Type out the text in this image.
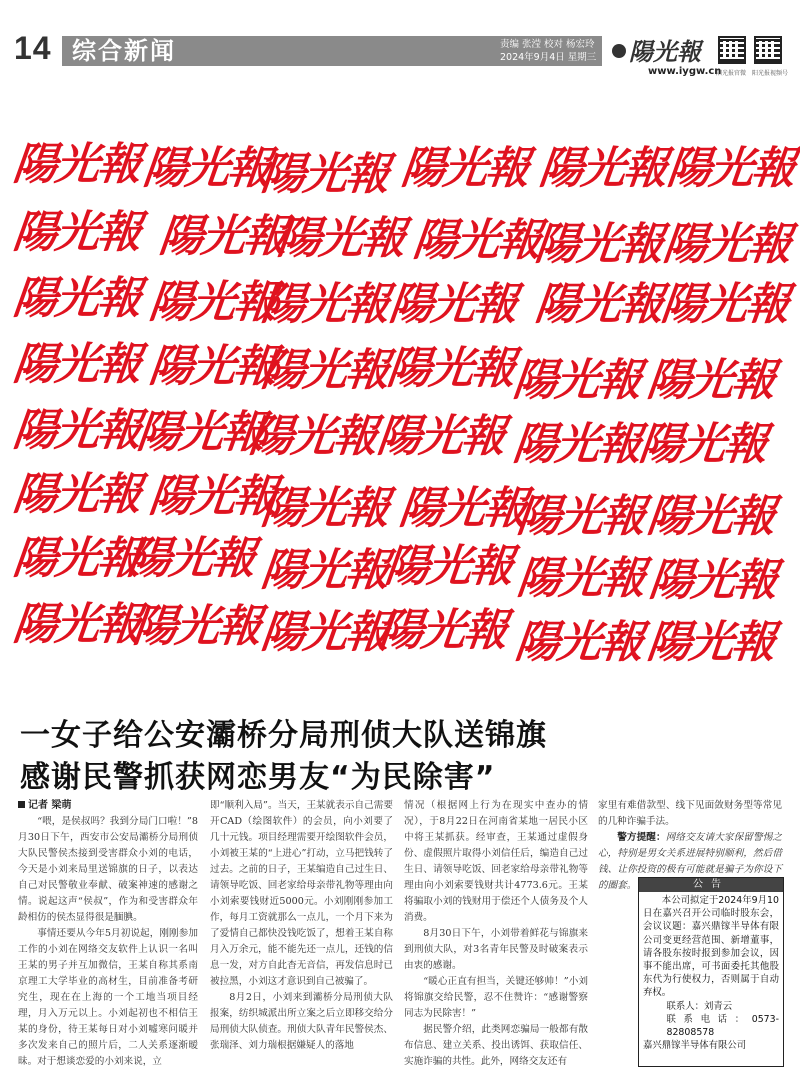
14 综合新闻	责编 张滢 校对 杨宏玲
2024年9月4日 星期三	陽光報
www.iygw.cn
阳光报官微 阳光报视频号
陽光報
陽光報
陽光報 陽光報 陽光報
陽光報
陽光報 陽光報
陽光報 陽光報
陽光報
陽光報
陽光報 陽光報
陽光報
陽光報 陽光報
陽光報
陽光報 陽光報
陽光報
陽光報
陽光報 陽光報
陽光報
陽光報
陽光報
陽光報 陽光報
陽光報
陽光報 陽光報
陽光報 陽光報
陽光報
陽光報
陽光報
陽光報 陽光報
陽光報 陽光報 陽光報
陽光報
陽光報
陽光報
陽光報 陽光報 陽光報
一女子给公安灞桥分局刑侦大队送锦旗
感谢民警抓获网恋男友“为民除害”
记者 梁萌

“喂，是侯叔吗？我到分局门口啦！”8月30日下午，西安市公安局灞桥分局刑侦大队民警侯杰接到受害群众小刘的电话，今天是小刘来局里送锦旗的日子，以表达自己对民警敬业奉献、破案神速的感谢之情。说起这声“侯叔”，作为和受害群众年龄相仿的侯杰显得很是腼腆。

事情还要从今年5月初说起，刚刚参加工作的小刘在网络交友软件上认识一名叫王某的男子并互加微信，王某自称其系南京理工大学毕业的高材生，目前准备考研究生，现在在上海的一个工地当项目经理，月入万元以上。小刘起初也不相信王某的身份，待王某每日对小刘嘘寒问暖并多次发来自己的照片后，二人关系逐渐暧昧。对于想谈恋爱的小刘来说，立

即“顺利入局”。当天，王某就表示自己需要开CAD（绘图软件）的会员，向小刘要了几十元钱。项目经理需要开绘图软件会员，小刘被王某的“上进心”打动，立马把钱转了过去。之前的日子，王某编造自己过生日、请领导吃饭、回老家给母亲带礼物等理由向小刘索要钱财近5000元。小刘刚刚参加工作，每月工资就那么一点儿，一个月下来为了爱情自己都快没钱吃饭了，想着王某自称月入万余元，能不能先还一点儿，还钱的信息一发，对方自此杳无音信，再发信息时已被拉黑，小刘这才意识到自己被骗了。

8月2日，小刘来到灞桥分局刑侦大队报案，纺织城派出所立案之后立即移交给分局刑侦大队侦查。刑侦大队青年民警侯杰、张瑞泽、刘力瑞根据嫌疑人的落地

情况（根据网上行为在现实中查办的情况），于8月22日在河南省某地一居民小区中将王某抓获。经审查，王某通过虚假身份、虚假照片取得小刘信任后，编造自己过生日、请领导吃饭、回老家给母亲带礼物等理由向小刘索要钱财共计4773.6元。王某将骗取小刘的钱财用于偿还个人债务及个人消费。

8月30日下午，小刘带着鲜花与锦旗来到刑侦大队，对3名青年民警及时破案表示由衷的感谢。

“暖心正直有担当，关键还够帅！”小刘将锦旗交给民警，忍不住赞许：“感谢警察同志为民除害！”

据民警介绍，此类网恋骗局一般都有散布信息、建立关系、投出诱饵、获取信任、实施诈骗的共性。此外，网络交友还有

家里有难借款型、线下见面敛财务型等常见的几种诈骗手法。

警方提醒：网络交友请大家保留警惕之心，特别是男女关系进展特别顺利，然后借钱、让你投资的极有可能就是骗子为你设下的圈套。	公告

本公司拟定于2024年9月10日在嘉兴召开公司临时股东会，会议议题：嘉兴鼎镓半导体有限公司变更经营范围、新增董事，请各股东按时报到参加会议，因事不能出席，可书面委托其他股东代为行使权力，否则属于自动弃权。

联系人：刘青云

联系电话：0573-82808578

嘉兴鼎镓半导体有限公司
